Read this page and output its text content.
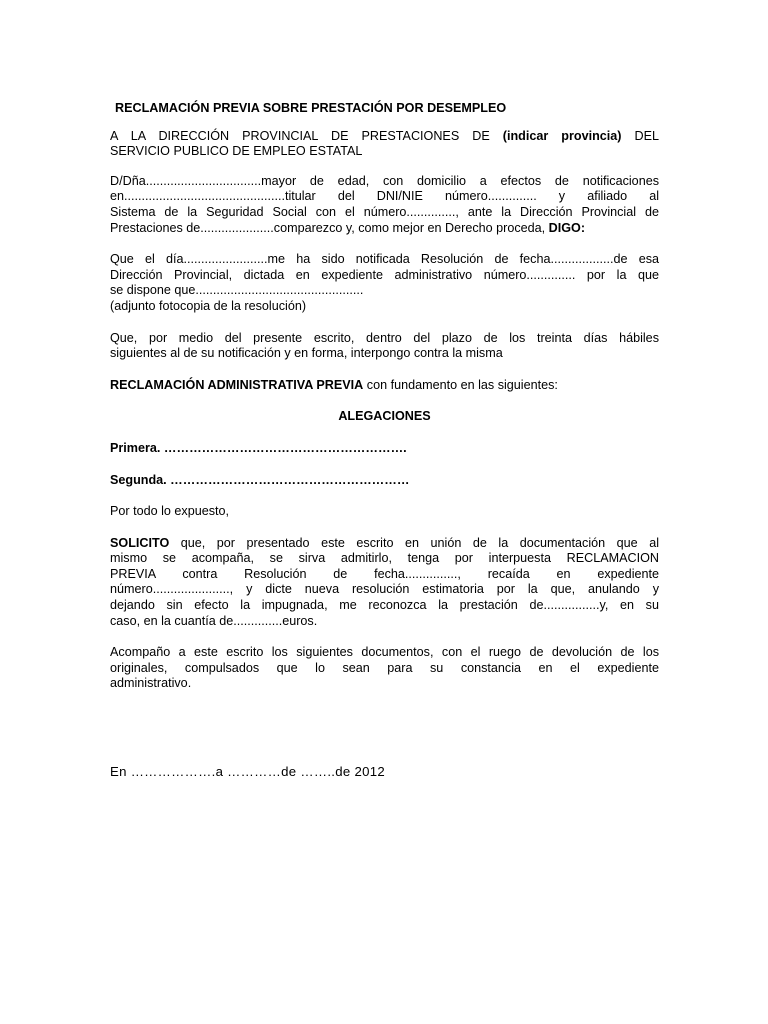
RECLAMACIÓN PREVIA SOBRE PRESTACIÓN POR DESEMPLEO

A LA DIRECCIÓN PROVINCIAL DE PRESTACIONES DE (indicar provincia) DEL
SERVICIO PUBLICO DE EMPLEO ESTATAL

D/Dña.................................mayor de edad, con domicilio a efectos de notificaciones
en..............................................titular del DNI/NIE número.............. y afiliado al
Sistema de la Seguridad Social con el número.............., ante la Dirección Provincial de
Prestaciones de.....................comparezco y, como mejor en Derecho proceda, DIGO:

Que el día........................me ha sido notificada Resolución de fecha..................de esa
Dirección Provincial, dictada en expediente administrativo número.............. por la que
se dispone que................................................
(adjunto fotocopia de la resolución)

Que, por medio del presente escrito, dentro del plazo de los treinta días hábiles
siguientes al de su notificación y en forma, interpongo contra la misma

RECLAMACIÓN ADMINISTRATIVA PREVIA con fundamento en las siguientes:

ALEGACIONES

Primera. ………………………………………………….

Segunda. …………………………………………………

Por todo lo expuesto,

SOLICITO que, por presentado este escrito en unión de la documentación que al
mismo se acompaña, se sirva admitirlo, tenga por interpuesta RECLAMACION
PREVIA contra Resolución de fecha..............., recaída en expediente
número......................, y dicte nueva resolución estimatoria por la que, anulando y
dejando sin efecto la impugnada, me reconozca la prestación de................y, en su
caso, en la cuantía de..............euros.

Acompaño a este escrito los siguientes documentos, con el ruego de devolución de los
originales, compulsados que lo sean para su constancia en el expediente
administrativo.

En ……………….a …………de ……..de 2012
